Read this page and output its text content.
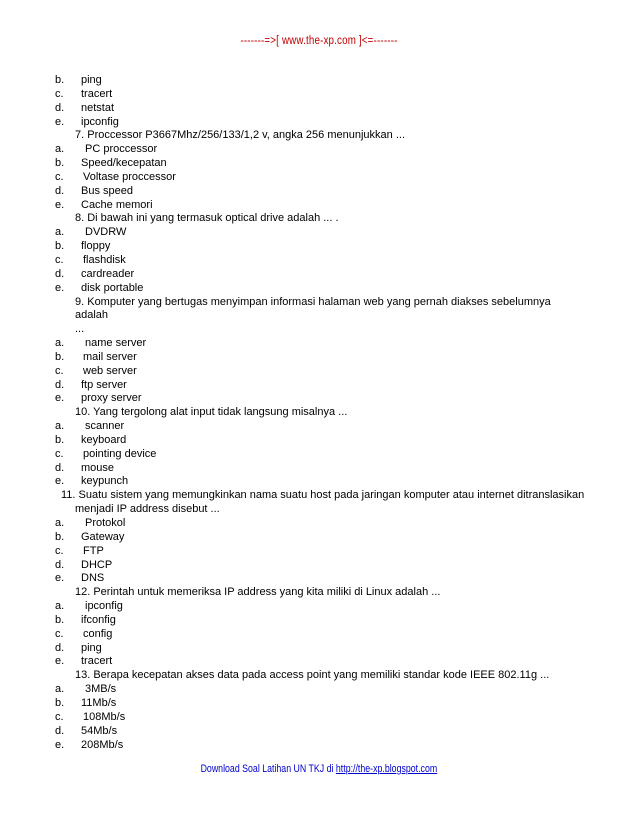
-------=>[ www.the-xp.com ]<=-------
b.	ping
c.	tracert
d.	netstat
e.	ipconfig
7. Proccessor P3667Mhz/256/133/1,2 v, angka 256 menunjukkan ...
a.	PC proccessor
b.	Speed/kecepatan
c.	Voltase proccessor
d.	Bus speed
e.	Cache memori
8. Di bawah ini yang termasuk optical drive adalah ... .
a.	DVDRW
b.	floppy
c.	flashdisk
d.	cardreader
e.	disk portable
9. Komputer yang bertugas menyimpan informasi halaman web yang pernah diakses sebelumnya adalah
...
a.	name server
b.	mail server
c.	web server
d.	ftp server
e.	proxy server
10. Yang tergolong alat input tidak langsung misalnya ...
a.	scanner
b.	keyboard
c.	pointing device
d.	mouse
e.	keypunch
11. Suatu sistem yang memungkinkan nama suatu host pada jaringan komputer atau internet ditranslasikan
menjadi IP address disebut ...
a.	Protokol
b.	Gateway
c.	FTP
d.	DHCP
e.	DNS
12. Perintah untuk memeriksa IP address yang kita miliki di Linux adalah ...
a.	ipconfig
b.	ifconfig
c.	config
d.	ping
e.	tracert
13. Berapa kecepatan akses data pada access point yang memiliki standar kode IEEE 802.11g ...
a.	3MB/s
b.	11Mb/s
c.	108Mb/s
d.	54Mb/s
e.	208Mb/s
Download Soal Latihan UN TKJ di http://the-xp.blogspot.com
